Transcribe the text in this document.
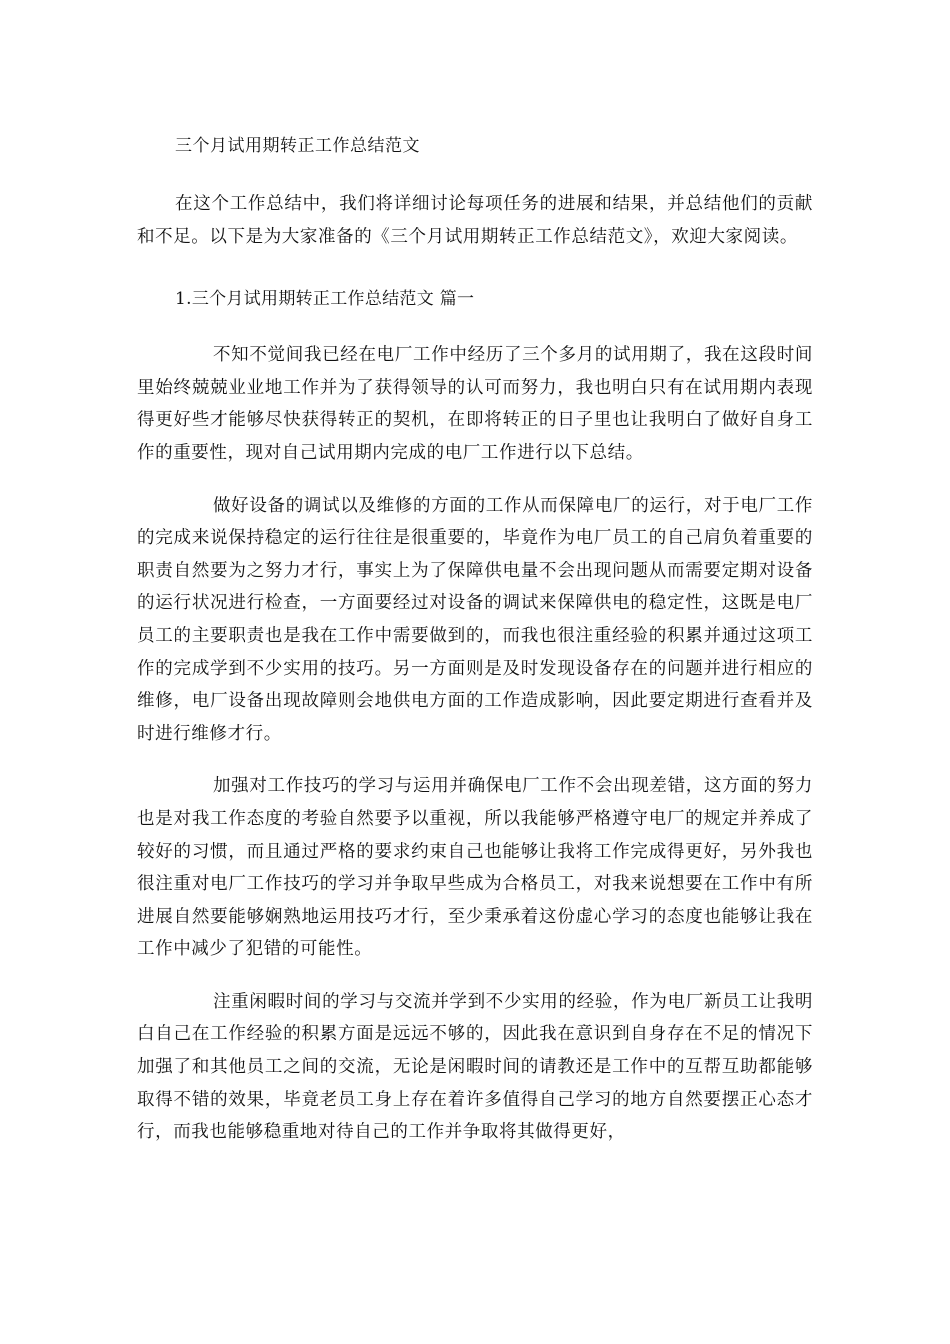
三个月试用期转正工作总结范文

在这个工作总结中，我们将详细讨论每项任务的进展和结果，并总结他们的贡献和不足。以下是为大家准备的《三个月试用期转正工作总结范文》，欢迎大家阅读。

1.三个月试用期转正工作总结范文 篇一

不知不觉间我已经在电厂工作中经历了三个多月的试用期了，我在这段时间里始终兢兢业业地工作并为了获得领导的认可而努力，我也明白只有在试用期内表现得更好些才能够尽快获得转正的契机，在即将转正的日子里也让我明白了做好自身工作的重要性，现对自己试用期内完成的电厂工作进行以下总结。

做好设备的调试以及维修的方面的工作从而保障电厂的运行，对于电厂工作的完成来说保持稳定的运行往往是很重要的，毕竟作为电厂员工的自己肩负着重要的职责自然要为之努力才行，事实上为了保障供电量不会出现问题从而需要定期对设备的运行状况进行检查，一方面要经过对设备的调试来保障供电的稳定性，这既是电厂员工的主要职责也是我在工作中需要做到的，而我也很注重经验的积累并通过这项工作的完成学到不少实用的技巧。另一方面则是及时发现设备存在的问题并进行相应的维修，电厂设备出现故障则会地供电方面的工作造成影响，因此要定期进行查看并及时进行维修才行。

加强对工作技巧的学习与运用并确保电厂工作不会出现差错，这方面的努力也是对我工作态度的考验自然要予以重视，所以我能够严格遵守电厂的规定并养成了较好的习惯，而且通过严格的要求约束自己也能够让我将工作完成得更好，另外我也很注重对电厂工作技巧的学习并争取早些成为合格员工，对我来说想要在工作中有所进展自然要能够娴熟地运用技巧才行，至少秉承着这份虚心学习的态度也能够让我在工作中减少了犯错的可能性。

注重闲暇时间的学习与交流并学到不少实用的经验，作为电厂新员工让我明白自己在工作经验的积累方面是远远不够的，因此我在意识到自身存在不足的情况下加强了和其他员工之间的交流，无论是闲暇时间的请教还是工作中的互帮互助都能够取得不错的效果，毕竟老员工身上存在着许多值得自己学习的地方自然要摆正心态才行，而我也能够稳重地对待自己的工作并争取将其做得更好，
